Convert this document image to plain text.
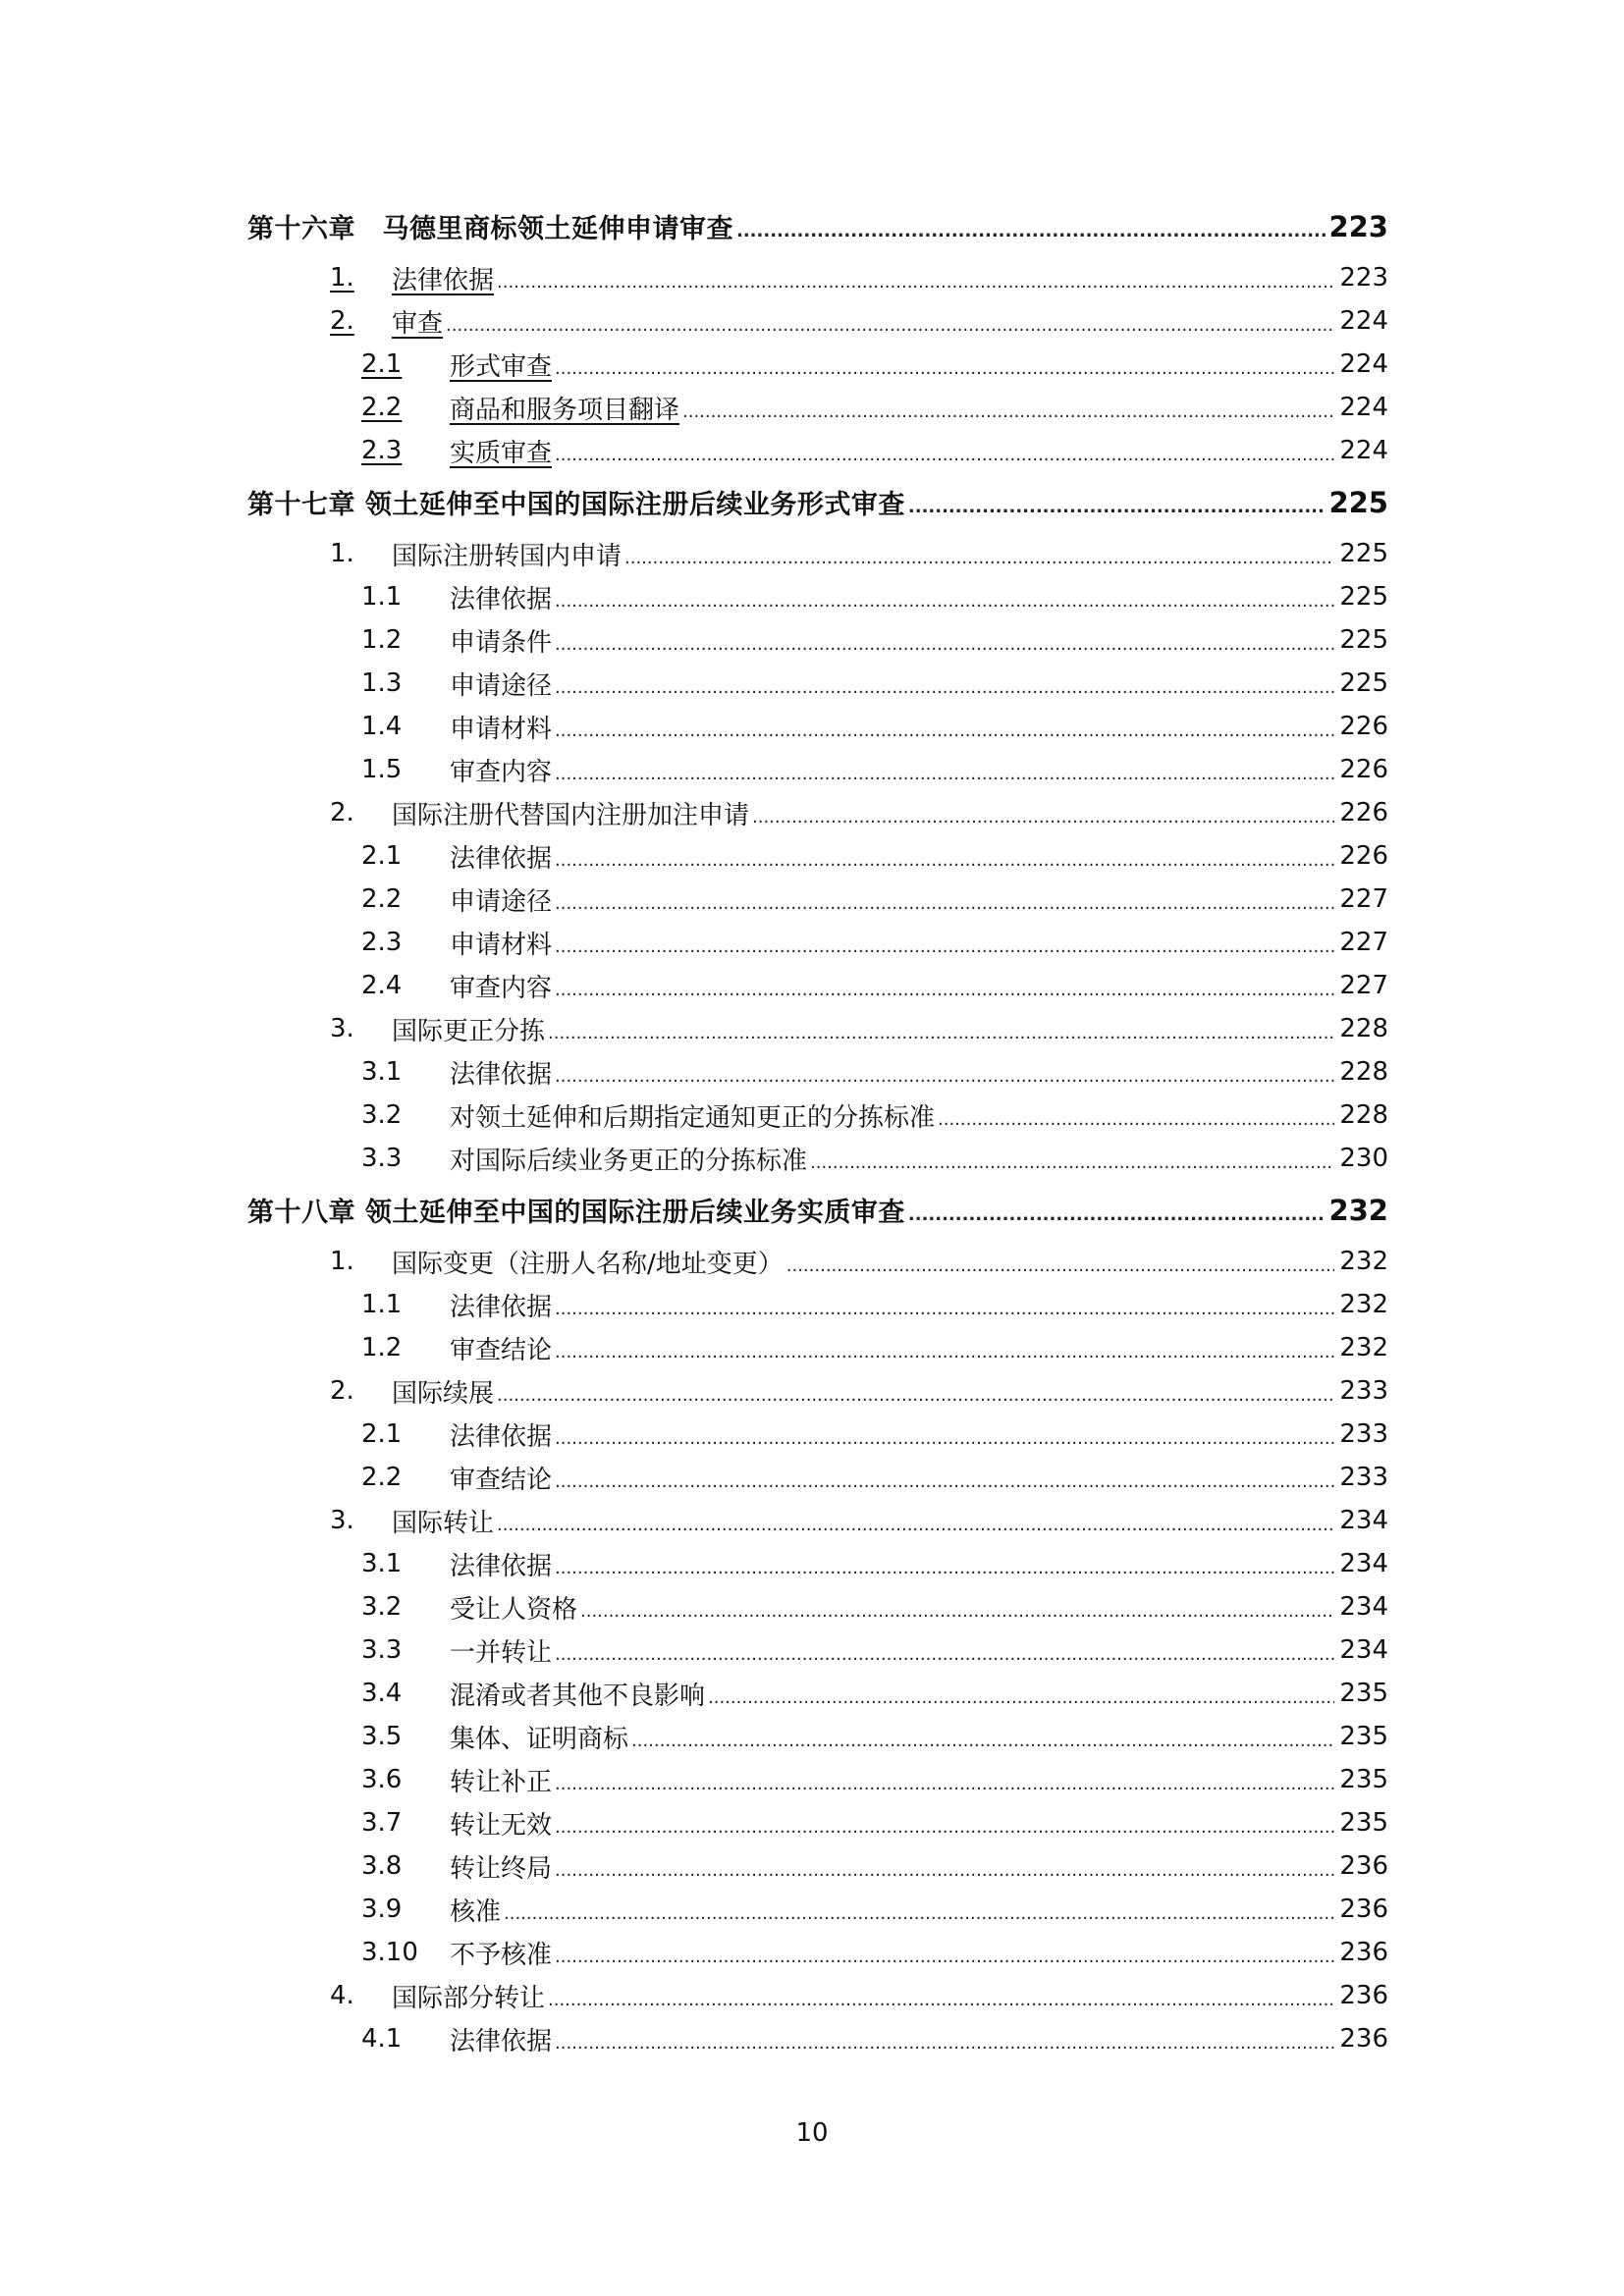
第十六章　马德里商标领土延伸申请审查 .....	223
1.	法律依据 .....	223
2.	审查 .....	224
2.1	形式审查 .....	224
2.2	商品和服务项目翻译 .....	224
2.3	实质审查 .....	224
第十七章 领土延伸至中国的国际注册后续业务形式审查 .....	225
1.	国际注册转国内申请 .....	225
1.1	法律依据 .....	225
1.2	申请条件 .....	225
1.3	申请途径 .....	225
1.4	申请材料 .....	226
1.5	审查内容 .....	226
2.	国际注册代替国内注册加注申请 .....	226
2.1	法律依据 .....	226
2.2	申请途径 .....	227
2.3	申请材料 .....	227
2.4	审查内容 .....	227
3.	国际更正分拣 .....	228
3.1	法律依据 .....	228
3.2	对领土延伸和后期指定通知更正的分拣标准 .....	228
3.3	对国际后续业务更正的分拣标准 .....	230
第十八章 领土延伸至中国的国际注册后续业务实质审查 .....	232
1.	国际变更（注册人名称/地址变更） .....	232
1.1	法律依据 .....	232
1.2	审查结论 .....	232
2.	国际续展 .....	233
2.1	法律依据 .....	233
2.2	审查结论 .....	233
3.	国际转让 .....	234
3.1	法律依据 .....	234
3.2	受让人资格 .....	234
3.3	一并转让 .....	234
3.4	混淆或者其他不良影响 .....	235
3.5	集体、证明商标 .....	235
3.6	转让补正 .....	235
3.7	转让无效 .....	235
3.8	转让终局 .....	236
3.9	核准 .....	236
3.10	不予核准 .....	236
4.	国际部分转让 .....	236
4.1	法律依据 .....	236
10
